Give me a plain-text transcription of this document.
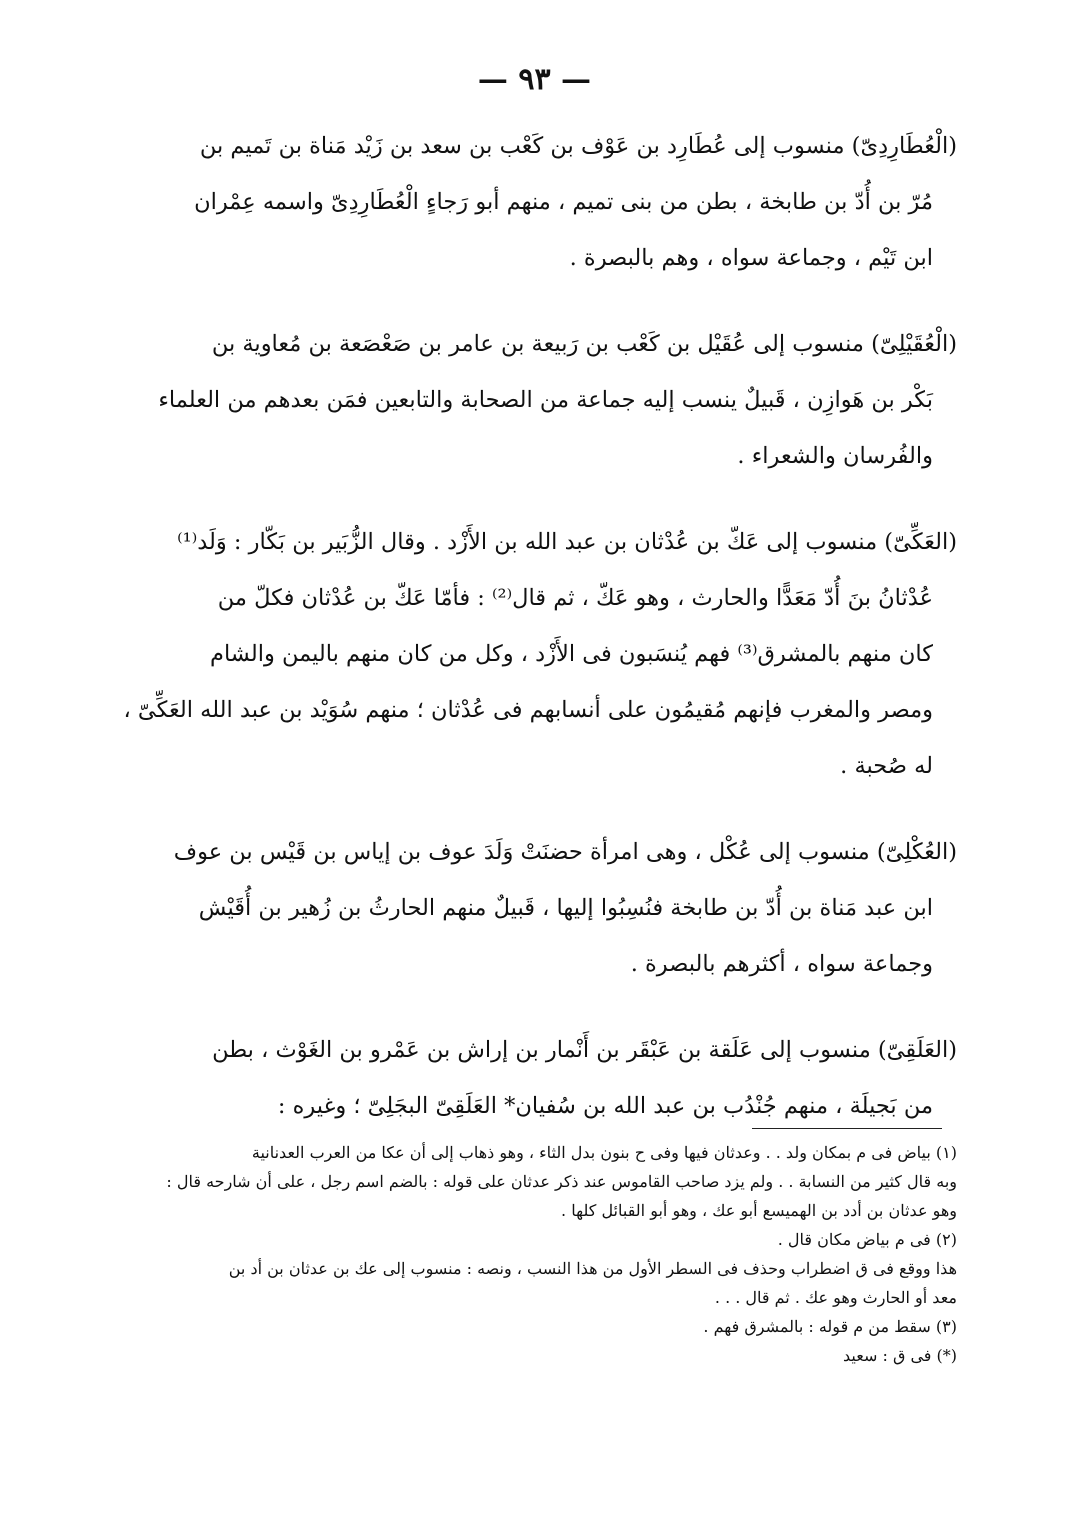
— ٩٣ —
(الْعُطَارِدِىّ) منسوب إلى عُطَارِد بن عَوْف بن كَعْب بن سعد بن زَيْد مَناة بن تَميم بن
مُرّ بن أُدّ بن طابخة ، بطن من بنى تميم ، منهم أبو رَجاءٍ الْعُطَارِدِىّ واسمه عِمْران
ابن تَيْم ، وجماعة سواه ، وهم بالبصرة .
(الْعُقَيْلِىّ) منسوب إلى عُقَيْل بن كَعْب بن رَبيعة بن عامر بن صَعْصَعة بن مُعاوية بن
بَكْر بن هَوازِن ، قَبيلٌ ينسب إليه جماعة من الصحابة والتابعين فمَن بعدهم من العلماء
والفُرسان والشعراء .
(العَكِّىّ) منسوب إلى عَكّ بن عُدْثان بن عبد الله بن الأَزْد . وقال الزُّبَير بن بَكّار : وَلَد⁽¹⁾
عُدْثانُ بنَ أُدّ مَعَدًّا والحارث ، وهو عَكّ ، ثم قال⁽²⁾ : فأمّا عَكّ بن عُدْثان فكلّ من
كان منهم بالمشرق⁽³⁾ فهم يُنسَبون فى الأَزْد ، وكل من كان منهم باليمن والشام
ومصر والمغرب فإنهم مُقيمُون على أنسابهم فى عُدْثان ؛ منهم سُوَيْد بن عبد الله العَكِّىّ ،
له صُحبة .
(العُكْلِىّ) منسوب إلى عُكْل ، وهى امرأة حضنَتْ وَلَدَ عوف بن إياس بن قَيْس بن عوف
ابن عبد مَناة بن أُدّ بن طابخة فنُسِبُوا إليها ، قَبيلٌ منهم الحارثُ بن زُهير بن أُقَيْش
وجماعة سواه ، أكثرهم بالبصرة .
(العَلَقِىّ) منسوب إلى عَلَقة بن عَبْقَر بن أَنْمار بن إراش بن عَمْرو بن الغَوْث ، بطن
من بَجيلَة ، منهم جُنْدُب بن عبد الله بن سُفيان* العَلَقِىّ البجَلِىّ ؛ وغيره :
(١) بياض فى م بمكان ولد . . وعدثان فيها وفى ح بنون بدل الثاء ، وهو ذهاب إلى أن عكا من العرب العدنانية
وبه قال كثير من النسابة . . ولم يزد صاحب القاموس عند ذكر عدثان على قوله : بالضم اسم رجل ، على أن شارحه قال :
وهو عدثان بن أدد بن الهميسع أبو عك ، وهو أبو القبائل كلها .
(٢) فى م بياض مكان قال .
هذا ووقع فى ق اضطراب وحذف فى السطر الأول من هذا النسب ، ونصه : منسوب إلى عك بن عدثان بن أد بن
معد أو الحارث وهو عك . ثم قال . . .
(٣) سقط من م قوله : بالمشرق فهم .
(*) فى ق : سعيد
